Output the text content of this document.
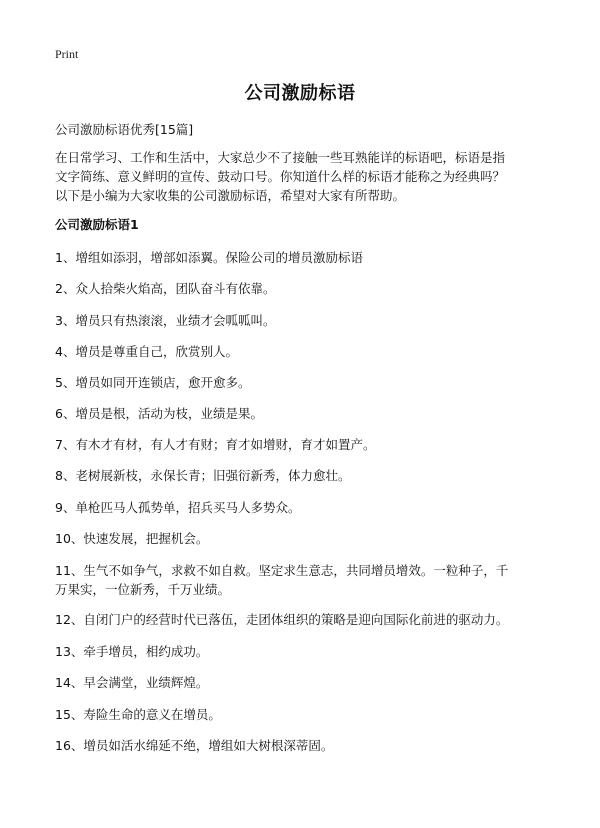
Print
公司激励标语
公司激励标语优秀[15篇]
在日常学习、工作和生活中，大家总少不了接触一些耳熟能详的标语吧，标语是指
文字简练、意义鲜明的宣传、鼓动口号。你知道什么样的标语才能称之为经典吗？
以下是小编为大家收集的公司激励标语，希望对大家有所帮助。
公司激励标语1
1、增组如添羽，增部如添翼。保险公司的增员激励标语
2、众人拾柴火焰高，团队奋斗有依靠。
3、增员只有热滚滚，业绩才会呱呱叫。
4、增员是尊重自己，欣赏别人。
5、增员如同开连锁店，愈开愈多。
6、增员是根，活动为枝，业绩是果。
7、有木才有材，有人才有财；育才如增财，育才如置产。
8、老树展新枝，永保长青；旧强衍新秀，体力愈壮。
9、单枪匹马人孤势单，招兵买马人多势众。
10、快速发展，把握机会。
11、生气不如争气，求救不如自救。坚定求生意志，共同增员增效。一粒种子，千
万果实，一位新秀，千万业绩。
12、自闭门户的经营时代已落伍，走团体组织的策略是迎向国际化前进的驱动力。
13、牵手增员，相约成功。
14、早会满堂，业绩辉煌。
15、寿险生命的意义在增员。
16、增员如活水绵延不绝，增组如大树根深蒂固。
